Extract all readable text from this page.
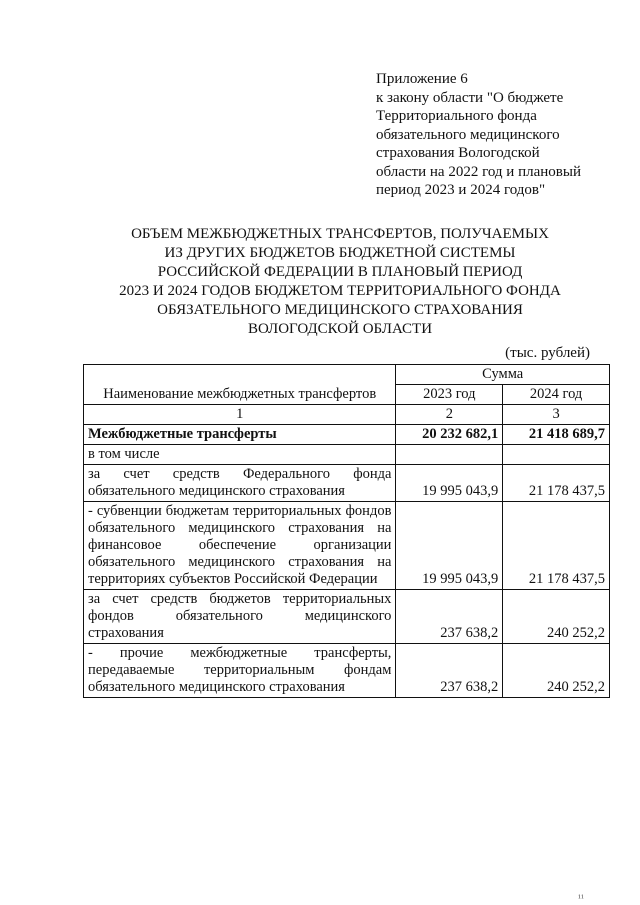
Приложение 6
к закону области "О бюджете
Территориального фонда
обязательного медицинского
страхования Вологодской
области на 2022 год и плановый
период 2023 и 2024 годов"
ОБЪЕМ МЕЖБЮДЖЕТНЫХ ТРАНСФЕРТОВ, ПОЛУЧАЕМЫХ
ИЗ ДРУГИХ БЮДЖЕТОВ БЮДЖЕТНОЙ СИСТЕМЫ
РОССИЙСКОЙ ФЕДЕРАЦИИ В ПЛАНОВЫЙ ПЕРИОД
2023 И 2024 ГОДОВ БЮДЖЕТОМ ТЕРРИТОРИАЛЬНОГО ФОНДА
ОБЯЗАТЕЛЬНОГО МЕДИЦИНСКОГО СТРАХОВАНИЯ
ВОЛОГОДСКОЙ ОБЛАСТИ
(тыс. рублей)
Наименование межбюджетных трансфертов	Сумма	
	2023 год	2024 год
1	2	3
Межбюджетные трансферты	20 232 682,1	21 418 689,7
в том числе		
за счет средств Федерального фонда обязательного медицинского страхования	19 995 043,9	21 178 437,5
- субвенции бюджетам территориальных фондов обязательного медицинского страхования на финансовое обеспечение организации обязательного медицинского страхования на территориях субъектов Российской Федерации	19 995 043,9	21 178 437,5
за счет средств бюджетов территориальных фондов обязательного медицинского страхования	237 638,2	240 252,2
- прочие межбюджетные трансферты, передаваемые территориальным фондам обязательного медицинского страхования	237 638,2	240 252,2
¹¹
